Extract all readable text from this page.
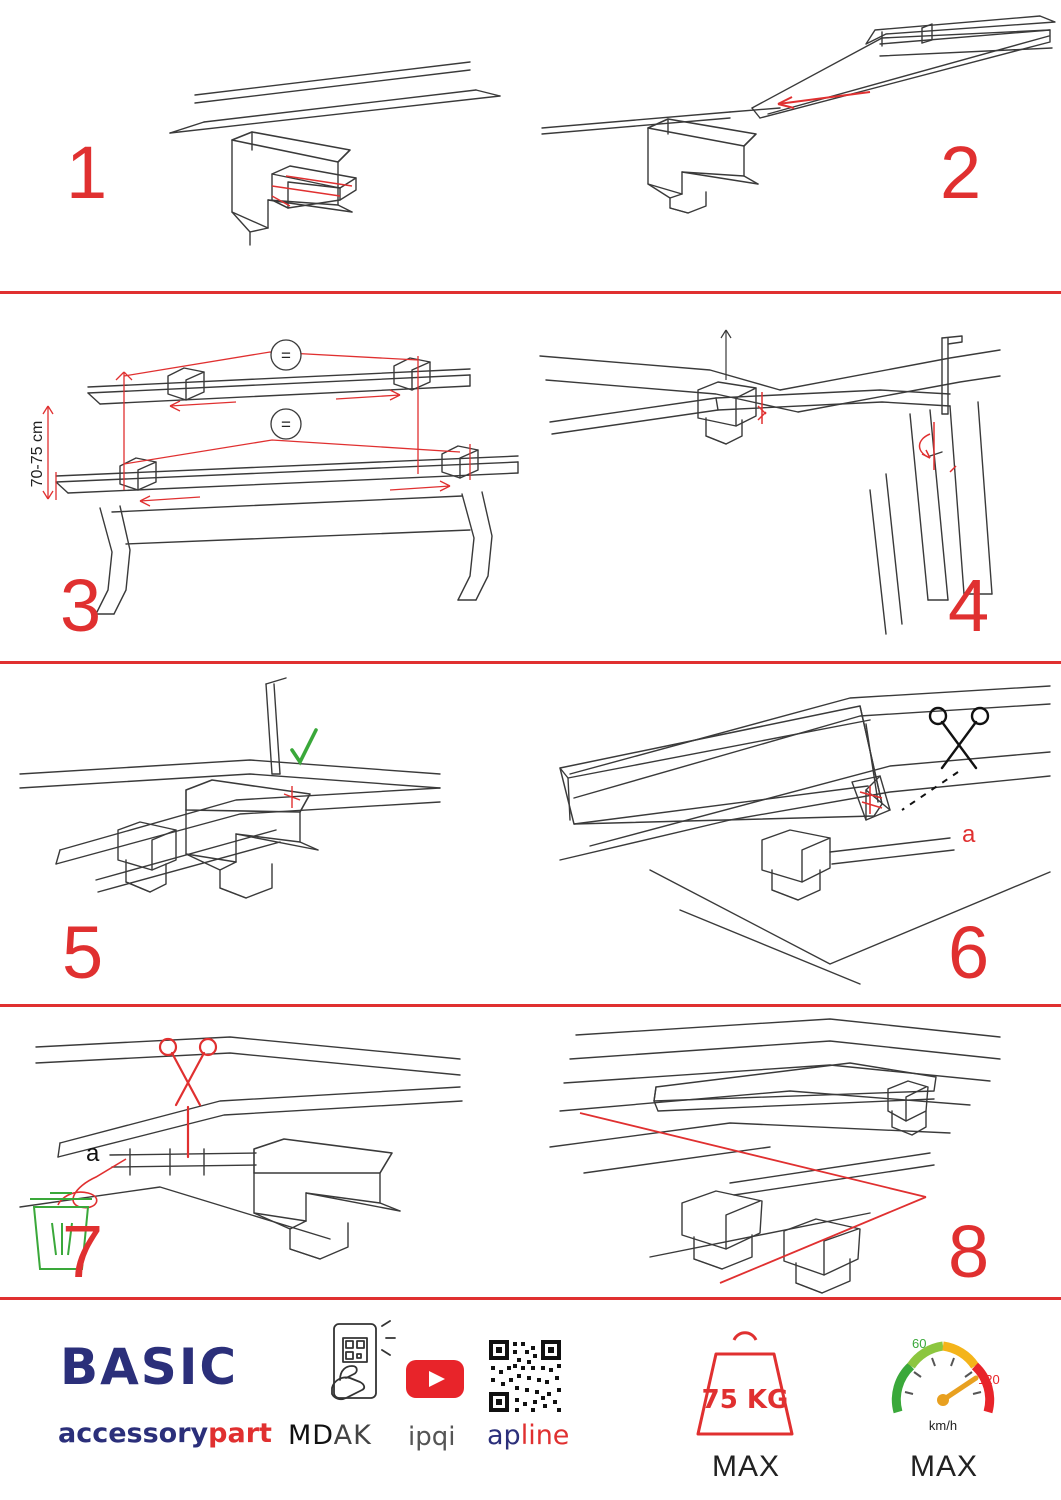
1	2
=
=
70-75 cm
3	4
5
a
6
a
7	8
BASIC
accessorypart MDAK ipqi apline
75 KG
MAX
60
120
km/h
MAX
